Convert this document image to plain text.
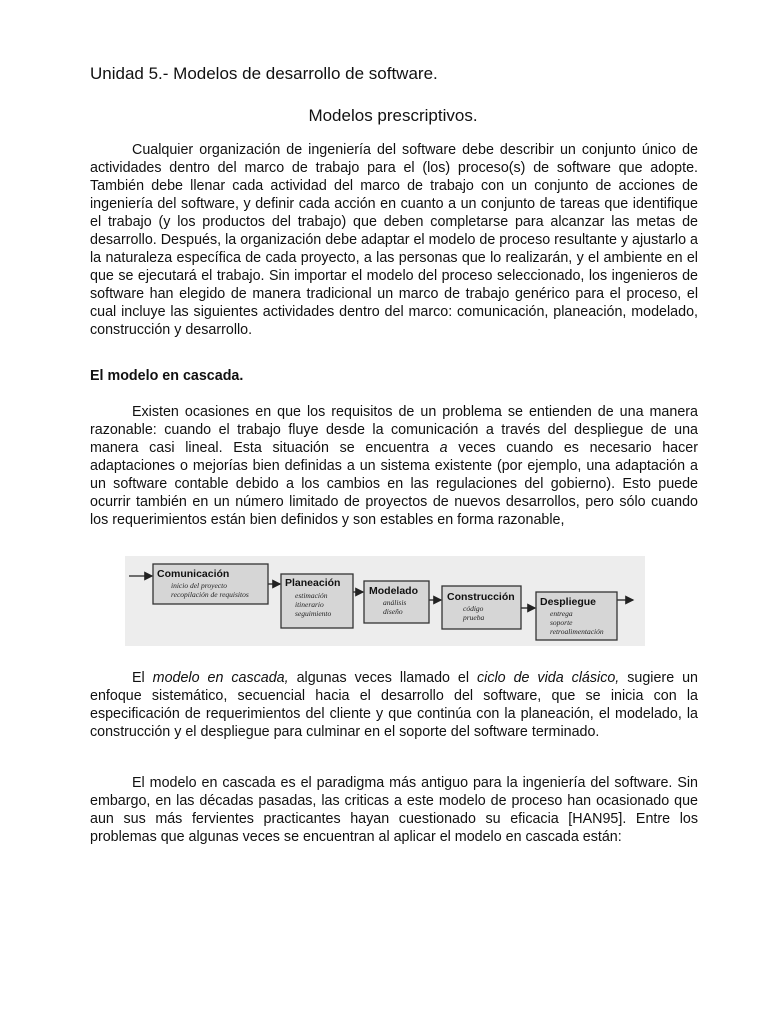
Unidad 5.- Modelos de desarrollo de software.
Modelos prescriptivos.

Cualquier organización de ingeniería del software debe describir un conjunto único de actividades dentro del marco de trabajo para el (los) proceso(s) de software que adopte. También debe llenar cada actividad del marco de trabajo con un conjunto de acciones de ingeniería del software, y definir cada acción en cuanto a un conjunto de tareas que identifique el trabajo (y los productos del trabajo) que deben completarse para alcanzar las metas de desarrollo. Después, la organización debe adaptar el modelo de proceso resultante y ajustarlo a la naturaleza específica de cada proyecto, a las personas que lo realizarán, y el ambiente en el que se ejecutará el trabajo. Sin importar el modelo del proceso seleccionado, los ingenieros de software han elegido de manera tradicional un marco de trabajo genérico para el proceso, el cual incluye las siguientes actividades dentro del marco: comunicación, planeación, modelado, construcción y desarrollo.

El modelo en cascada.

Existen ocasiones en que los requisitos de un problema se entienden de una manera razonable: cuando el trabajo fluye desde la comunicación a través del despliegue de una manera casi lineal. Esta situación se encuentra a veces cuando es necesario hacer adaptaciones o mejorías bien definidas a un sistema existente (por ejemplo, una adaptación a un software contable debido a los cambios en las regulaciones del gobierno). Esto puede ocurrir también en un número limitado de proyectos de nuevos desarrollos, pero sólo cuando los requerimientos están bien definidos y son estables en forma razonable,

Comunicación
inicio del proyecto
recopilación de requisitos
Planeación
estimación
itinerario
seguimiento
Modelado
análisis
diseño
Construcción
código
prueba
Despliegue
entrega
soporte
retroalimentación

El modelo en cascada, algunas veces llamado el ciclo de vida clásico, sugiere un enfoque sistemático, secuencial hacia el desarrollo del software, que se inicia con la especificación de requerimientos del cliente y que continúa con la planeación, el modelado, la construcción y el despliegue para culminar en el soporte del software terminado.

El modelo en cascada es el paradigma más antiguo para la ingeniería del software. Sin embargo, en las décadas pasadas, las criticas a este modelo de proceso han ocasionado que aun sus más fervientes practicantes hayan cuestionado su eficacia [HAN95]. Entre los problemas que algunas veces se encuentran al aplicar el modelo en cascada están:
